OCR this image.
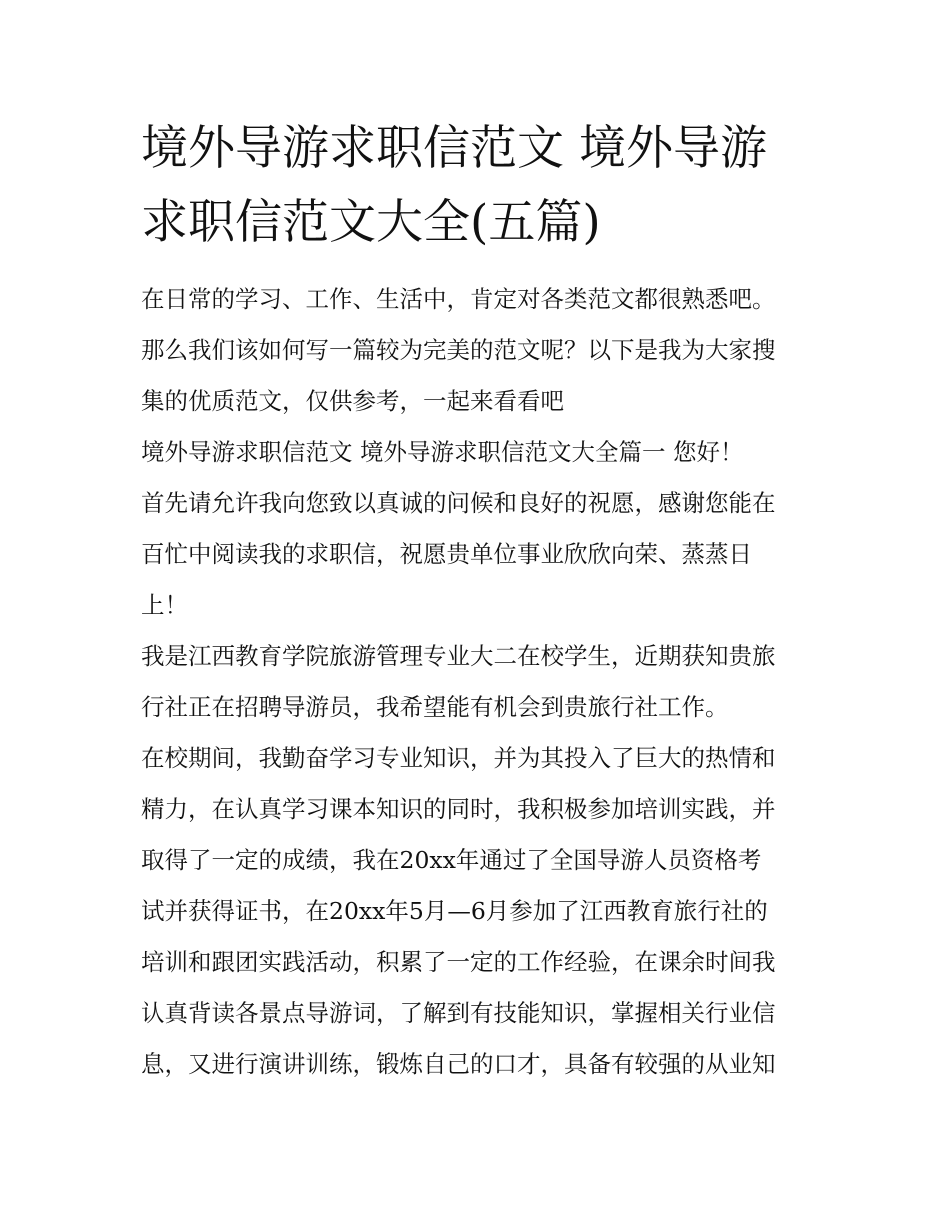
境外导游求职信范文 境外导游
求职信范文大全(五篇)
在日常的学习、工作、生活中，肯定对各类范文都很熟悉吧。
那么我们该如何写一篇较为完美的范文呢？以下是我为大家搜
集的优质范文，仅供参考，一起来看看吧
境外导游求职信范文 境外导游求职信范文大全篇一 您好！
首先请允许我向您致以真诚的问候和良好的祝愿，感谢您能在
百忙中阅读我的求职信，祝愿贵单位事业欣欣向荣、蒸蒸日
上！
我是江西教育学院旅游管理专业大二在校学生，近期获知贵旅
行社正在招聘导游员，我希望能有机会到贵旅行社工作。
在校期间，我勤奋学习专业知识，并为其投入了巨大的热情和
精力，在认真学习课本知识的同时，我积极参加培训实践，并
取得了一定的成绩，我在20xx年通过了全国导游人员资格考
试并获得证书，在20xx年5月—6月参加了江西教育旅行社的
培训和跟团实践活动，积累了一定的工作经验，在课余时间我
认真背读各景点导游词，了解到有技能知识，掌握相关行业信
息，又进行演讲训练，锻炼自己的口才，具备有较强的从业知
